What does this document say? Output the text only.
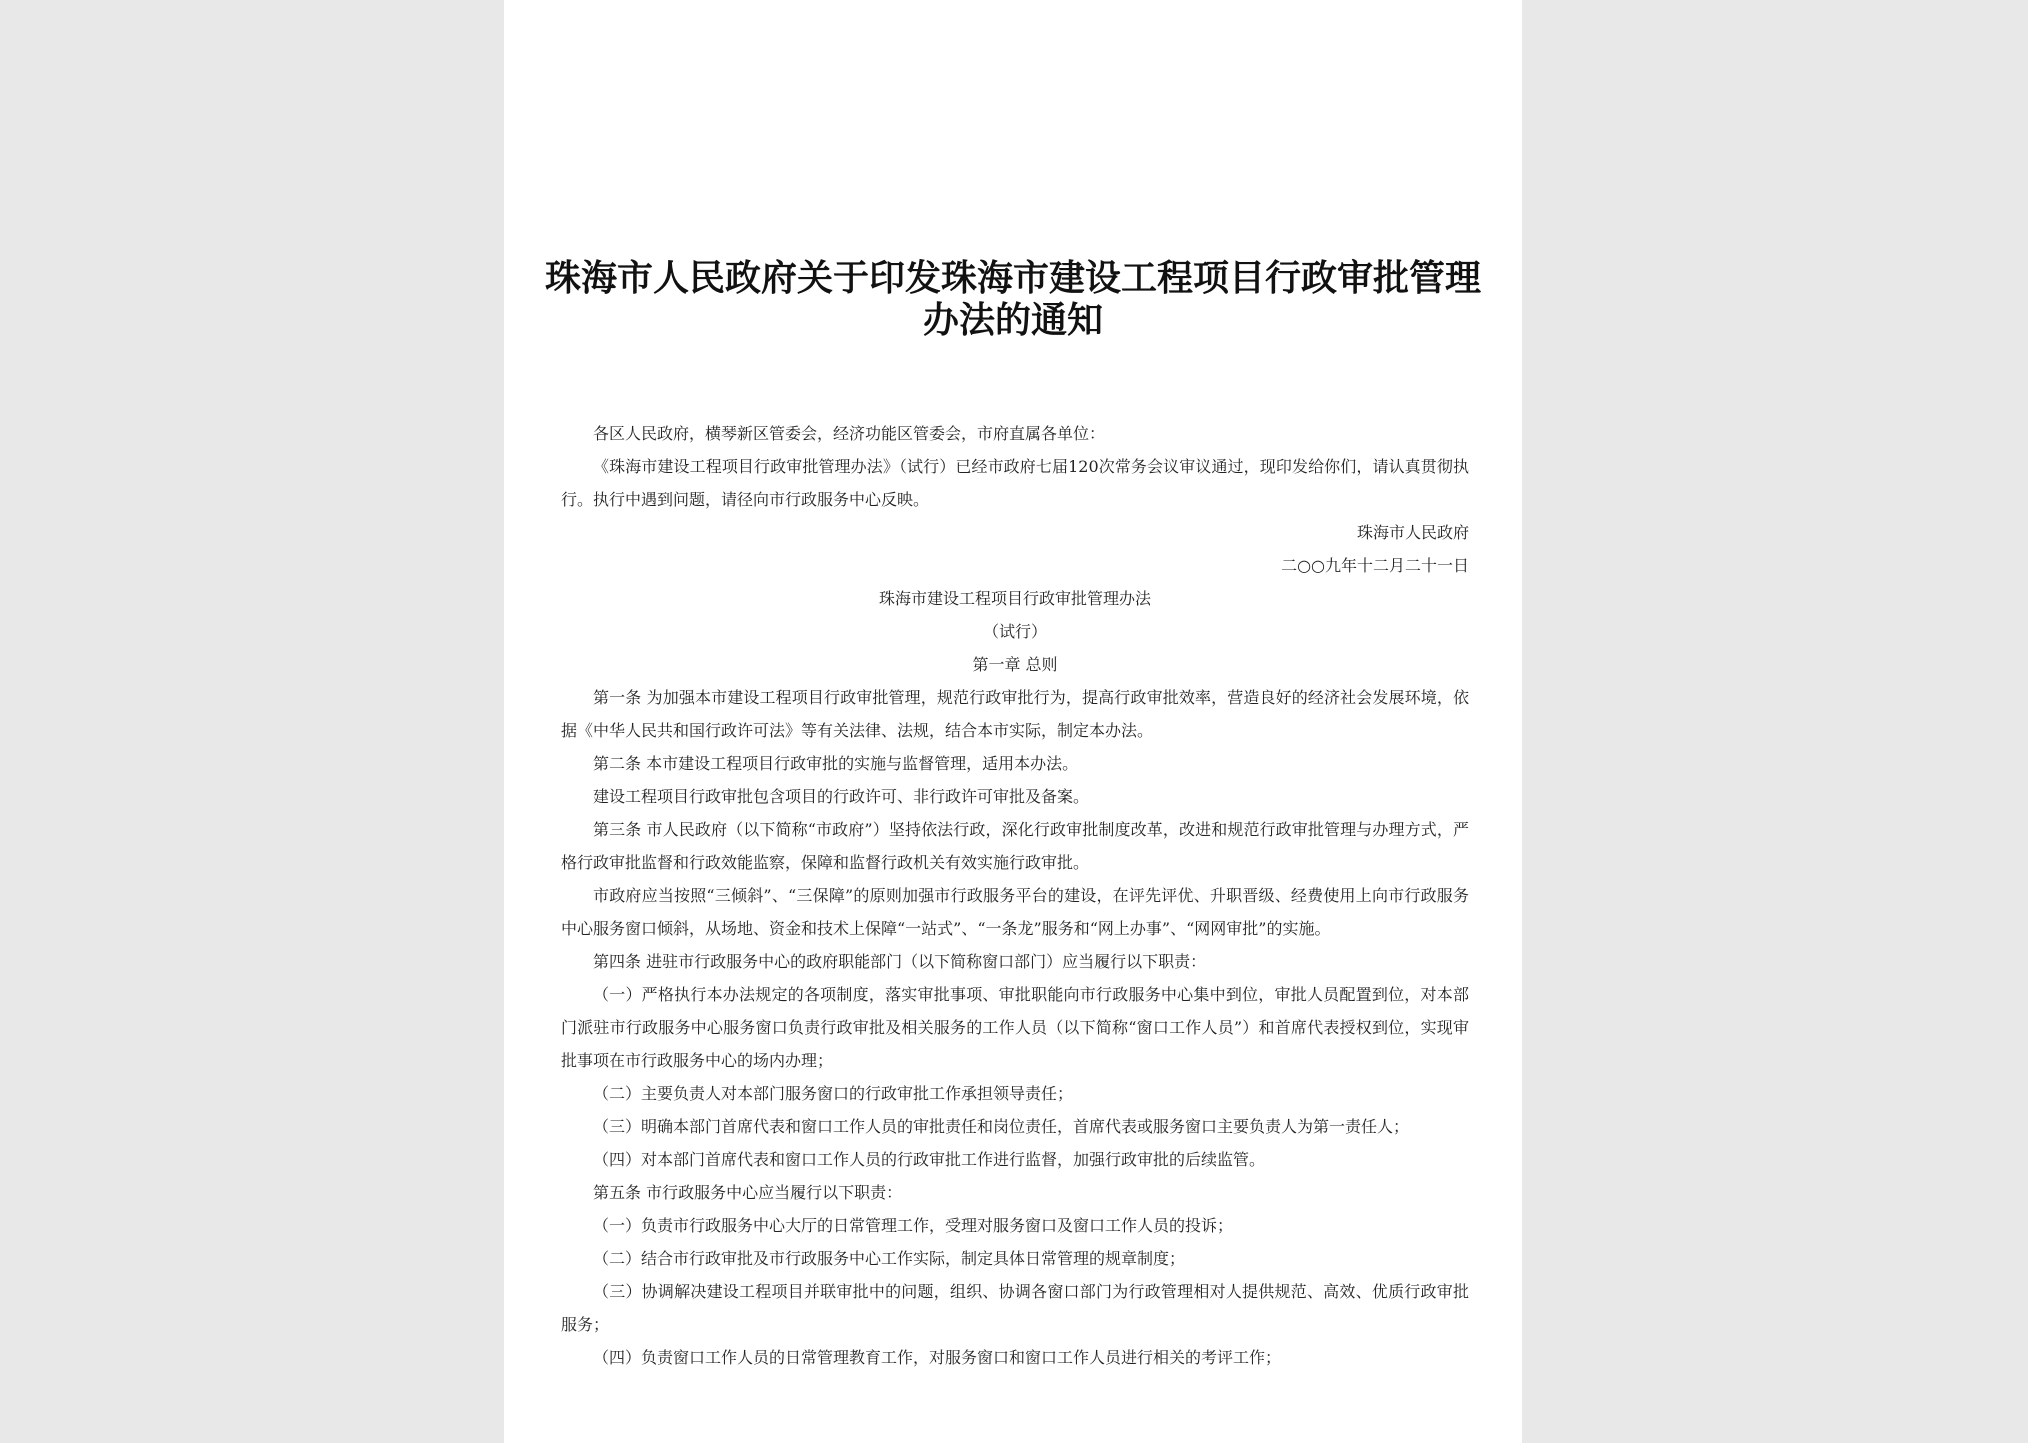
珠海市人民政府关于印发珠海市建设工程项目行政审批管理办法的通知

各区人民政府，横琴新区管委会，经济功能区管委会，市府直属各单位：

《珠海市建设工程项目行政审批管理办法》（试行）已经市政府七届120次常务会议审议通过，现印发给你们，请认真贯彻执行。执行中遇到问题，请径向市行政服务中心反映。

珠海市人民政府

二○○九年十二月二十一日

珠海市建设工程项目行政审批管理办法

（试行）

第一章 总则

第一条 为加强本市建设工程项目行政审批管理，规范行政审批行为，提高行政审批效率，营造良好的经济社会发展环境，依据《中华人民共和国行政许可法》等有关法律、法规，结合本市实际，制定本办法。

第二条 本市建设工程项目行政审批的实施与监督管理，适用本办法。

建设工程项目行政审批包含项目的行政许可、非行政许可审批及备案。

第三条 市人民政府（以下简称“市政府”）坚持依法行政，深化行政审批制度改革，改进和规范行政审批管理与办理方式，严格行政审批监督和行政效能监察，保障和监督行政机关有效实施行政审批。

市政府应当按照“三倾斜”、“三保障”的原则加强市行政服务平台的建设，在评先评优、升职晋级、经费使用上向市行政服务中心服务窗口倾斜，从场地、资金和技术上保障“一站式”、“一条龙”服务和“网上办事”、“网网审批”的实施。

第四条 进驻市行政服务中心的政府职能部门（以下简称窗口部门）应当履行以下职责：

（一）严格执行本办法规定的各项制度，落实审批事项、审批职能向市行政服务中心集中到位，审批人员配置到位，对本部门派驻市行政服务中心服务窗口负责行政审批及相关服务的工作人员（以下简称“窗口工作人员”）和首席代表授权到位，实现审批事项在市行政服务中心的场内办理；

（二）主要负责人对本部门服务窗口的行政审批工作承担领导责任；

（三）明确本部门首席代表和窗口工作人员的审批责任和岗位责任，首席代表或服务窗口主要负责人为第一责任人；

（四）对本部门首席代表和窗口工作人员的行政审批工作进行监督，加强行政审批的后续监管。

第五条 市行政服务中心应当履行以下职责：

（一）负责市行政服务中心大厅的日常管理工作，受理对服务窗口及窗口工作人员的投诉；

（二）结合市行政审批及市行政服务中心工作实际，制定具体日常管理的规章制度；

（三）协调解决建设工程项目并联审批中的问题，组织、协调各窗口部门为行政管理相对人提供规范、高效、优质行政审批服务；

（四）负责窗口工作人员的日常管理教育工作，对服务窗口和窗口工作人员进行相关的考评工作；
